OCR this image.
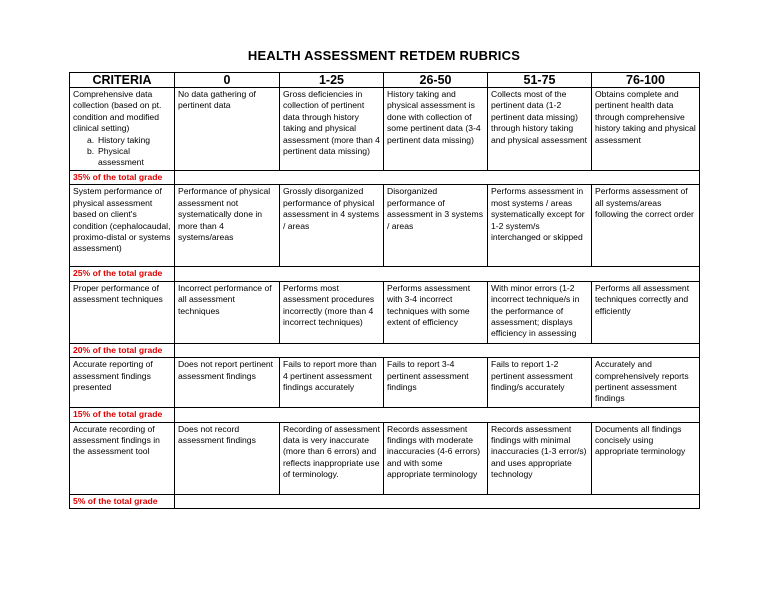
HEALTH ASSESSMENT RETDEM RUBRICS
CRITERIA	0	1-25	26-50	51-75	76-100

Comprehensive data collection (based on pt. condition and modified clinical setting)
a. History taking
b. Physical assessment	No data gathering of pertinent data	Gross deficiencies in collection of pertinent data through history taking and physical assessment (more than 4 pertinent data missing)	History taking and physical assessment is done with collection of some pertinent data (3-4 pertinent data missing)	Collects most of the pertinent data (1-2 pertinent data missing) through history taking and physical assessment	Obtains complete and pertinent health data through comprehensive history taking and physical assessment
35% of the total grade					
System performance of physical assessment based on client's condition (cephalocaudal, proximo-distal or systems assessment)	Performance of physical assessment not systematically done in more than 4 systems/areas	Grossly disorganized performance of physical assessment in 4 systems / areas	Disorganized performance of assessment in 3 systems / areas	Performs assessment in most systems / areas systematically except for 1-2 system/s interchanged or skipped	Performs assessment of all systems/areas following the correct order
25% of the total grade					
Proper performance of assessment techniques	Incorrect performance of all assessment techniques	Performs most assessment procedures incorrectly (more than 4 incorrect techniques)	Performs assessment with 3-4 incorrect techniques with some extent of efficiency	With minor errors (1-2 incorrect technique/s in the performance of assessment; displays efficiency in assessing	Performs all assessment techniques correctly and efficiently
20% of the total grade					
Accurate reporting of assessment findings presented	Does not report pertinent assessment findings	Fails to report more than 4 pertinent assessment findings accurately	Fails to report 3-4 pertinent assessment findings	Fails to report 1-2 pertinent assessment finding/s accurately	Accurately and comprehensively reports pertinent assessment findings
15% of the total grade					
Accurate recording of assessment findings in the assessment tool	Does not record assessment findings	Recording of assessment data is very inaccurate (more than 6 errors) and reflects inappropriate use of terminology.	Records assessment findings with moderate inaccuracies (4-6 errors) and with some appropriate terminology	Records assessment findings with minimal inaccuracies (1-3 error/s) and uses appropriate technology	Documents all findings concisely using appropriate terminology
5% of the total grade					
